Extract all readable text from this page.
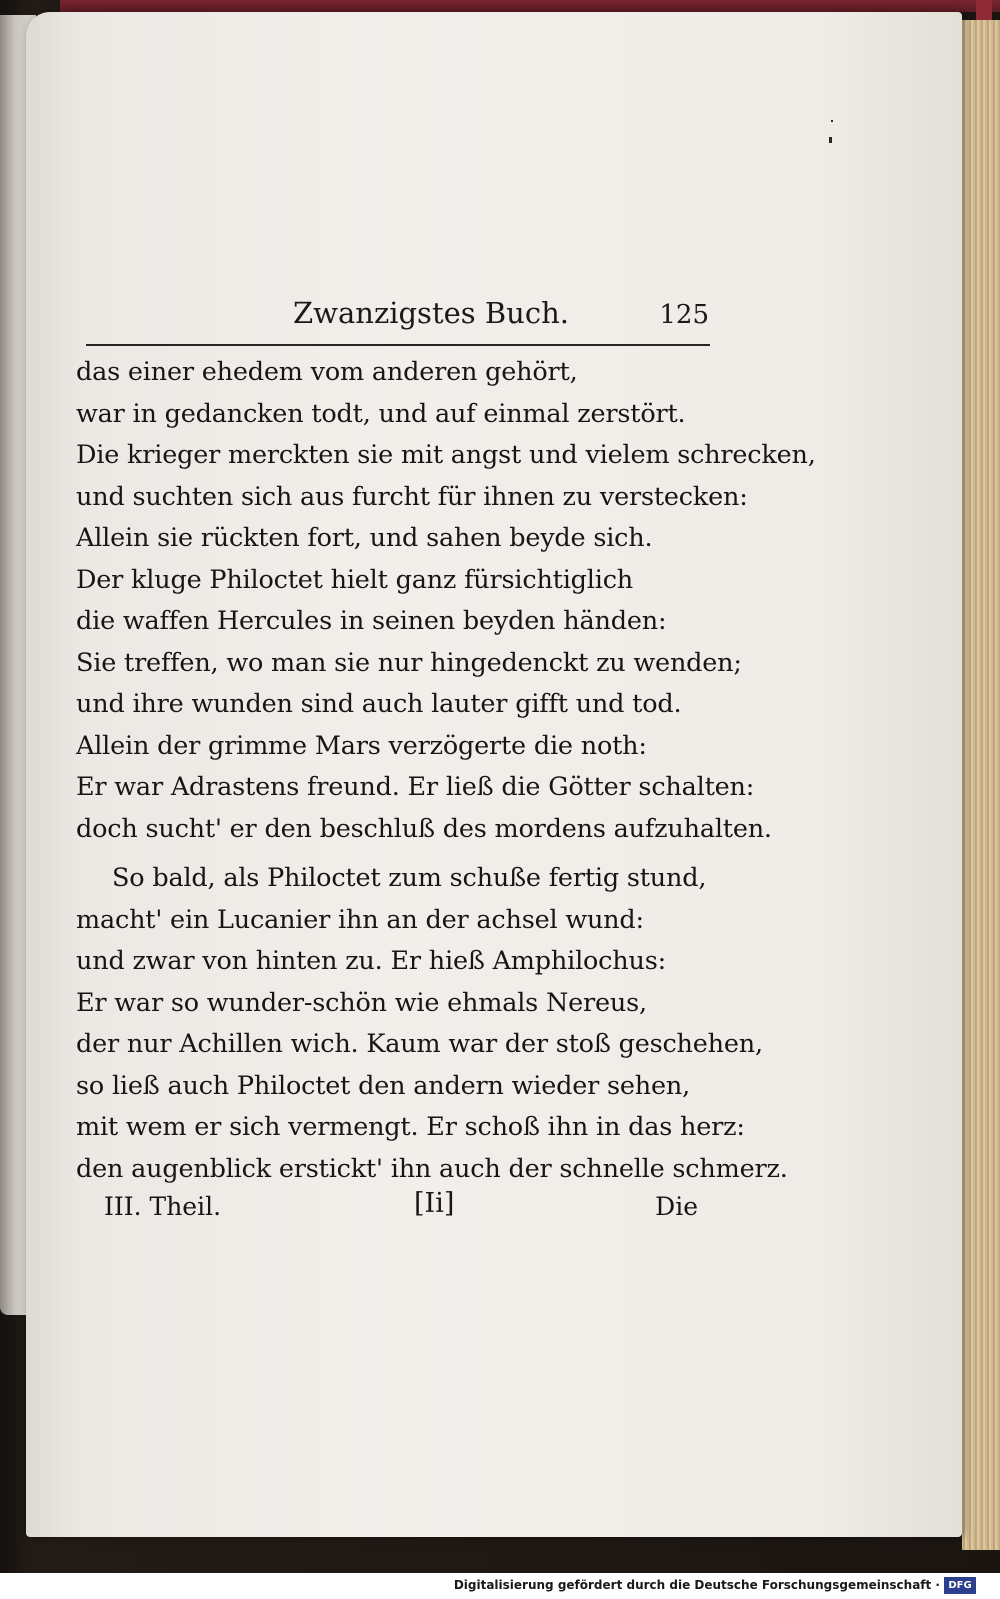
Zwanzigstes Buch.	125
das einer ehedem vom anderen gehört,
war in gedancken todt, und auf einmal zerstört.
Die krieger merckten sie mit angst und vielem schrecken,
und suchten sich aus furcht für ihnen zu verstecken:
Allein sie rückten fort, und sahen beyde sich.
Der kluge Philoctet hielt ganz fürsichtiglich
die waffen Hercules in seinen beyden händen:
Sie treffen, wo man sie nur hingedenckt zu wenden;
und ihre wunden sind auch lauter gifft und tod.
Allein der grimme Mars verzögerte die noth:
Er war Adrastens freund. Er ließ die Götter schalten:
doch sucht' er den beschluß des mordens aufzuhalten.
So bald, als Philoctet zum schuße fertig stund,
macht' ein Lucanier ihn an der achsel wund:
und zwar von hinten zu. Er hieß Amphilochus:
Er war so wunder-schön wie ehmals Nereus,
der nur Achillen wich. Kaum war der stoß geschehen,
so ließ auch Philoctet den andern wieder sehen,
mit wem er sich vermengt. Er schoß ihn in das herz:
den augenblick erstickt' ihn auch der schnelle schmerz.
III. Theil.	[Ii]	Die
Digitalisierung gefördert durch die Deutsche Forschungsgemeinschaft · DFG
